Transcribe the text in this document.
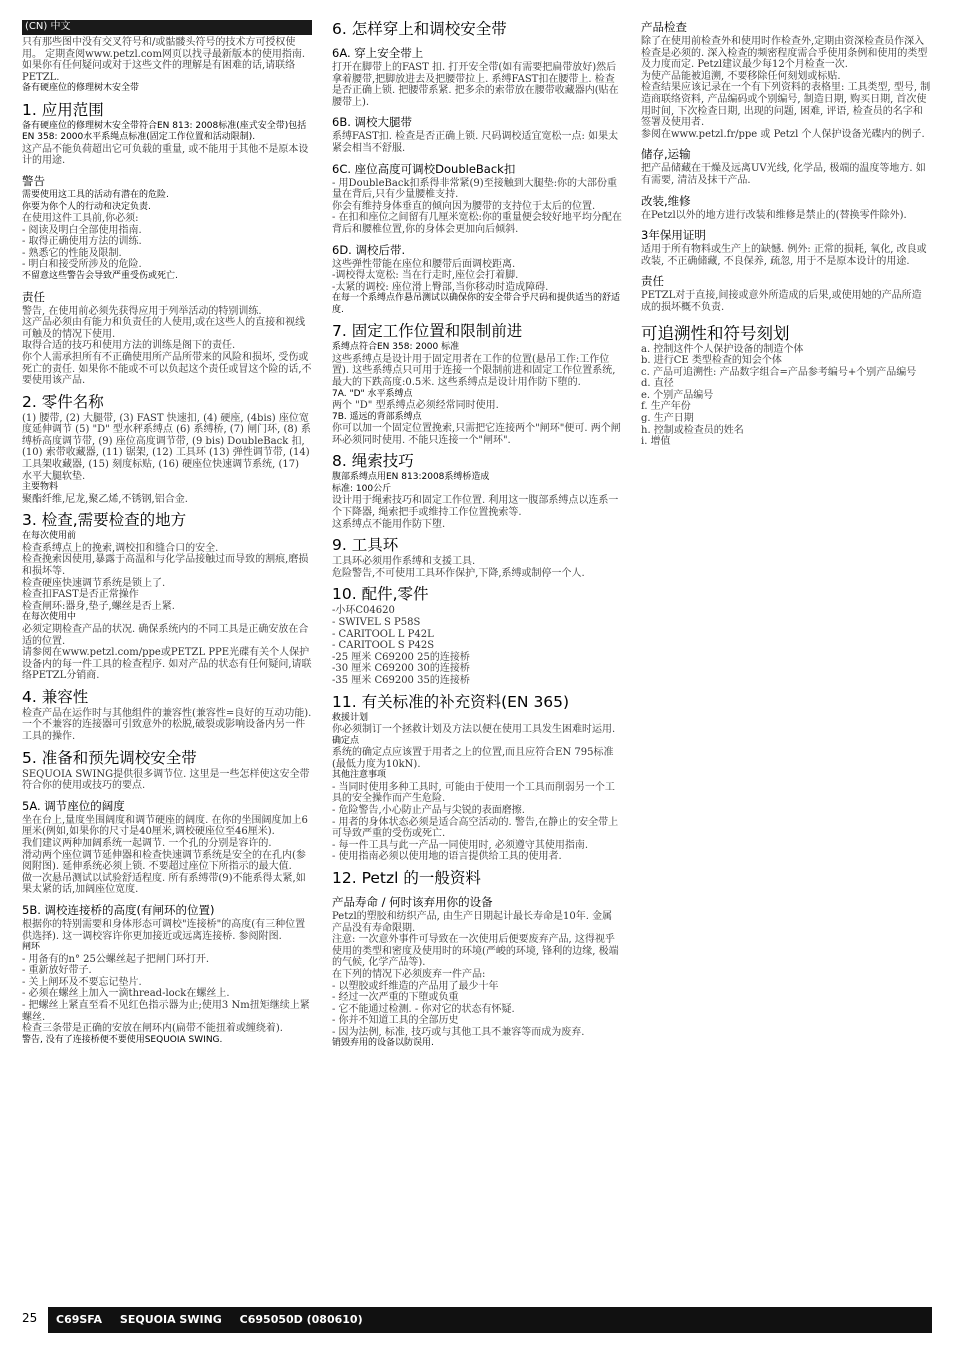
(CN) 中文
只有那些图中没有交叉符号和/或骷髅头符号的技术方可授权使用。 定期查阅www.petzl.com网页以找寻最新版本的使用指南.
如果你有任何疑问或对于这些文件的理解是有困难的话,请联络PETZL.
备有硬座位的修理树木安全带
1. 应用范围
备有硬座位的修理树木安全带符合EN 813: 2008标准(座式安全带)包括EN 358: 2000水平系绳点标准(固定工作位置和活动限制).
这产品不能负荷超出它可负载的重量, 或不能用于其他不是原本设计的用途.
警告
需要使用这工具的活动有潜在的危险.
你要为你个人的行动和决定负责.
在使用这件工具前,你必须:
- 阅读及明白全部使用指南.
- 取得正确使用方法的训练.
- 熟悉它的性能及限制.
- 明白和接受所涉及的危险.
不留意这些警告会导致严重受伤或死亡.
责任
警告, 在使用前必须先获得应用于列举活动的特别训练.
这产品必须由有能力和负责任的人使用,或在这些人的直接和视线可触及的情况下使用.
取得合适的技巧和使用方法的训练是阁下的责任.
你个人需承担所有不正确使用所产品所带来的风险和损坏, 受伤或死亡的责任. 如果你不能或不可以负起这个责任或冒这个险的话,不要使用该产品.
2. 零件名称
(1) 腰带, (2) 大腿带, (3) FAST 快速扣, (4) 硬座, (4bis) 座位宽度延伸调节 (5) "D" 型水秤系缚点 (6) 系缚桥, (7) 闸门环, (8) 系缚桥高度调节带, (9) 座位高度调节带, (9 bis) DoubleBack 扣, (10) 索带收藏器, (11) 锯架, (12) 工具环 (13) 弹性调节带, (14) 工具架收藏器, (15) 刻度标贴, (16) 硬座位快速调节系统, (17) 水平大腿软垫.
主要物料
聚酯纤维,尼龙,聚乙烯,不锈钢,铝合金.
3. 检查,需要检查的地方
在每次使用前
检查系缚点上的挽索,调校扣和缝合口的安全.
检查挽索因使用,暴露于高温和与化学品接触过而导致的割痕,磨损和损坏等.
检查硬座快速调节系统是锁上了.
检查扣FAST是否正常操作
检查闸环:器身,垫子,螺丝是否上紧.
在每次使用中
必须定期检查产品的状况. 确保系统内的不同工具是正确安放在合适的位置.
请参阅在www.petzl.com/ppe或PETZL PPE光碟有关个人保护设备内的每一件工具的检查程序. 如对产品的状态有任何疑问,请联络PETZL分销商.
4. 兼容性
检查产品在运作时与其他组件的兼容性(兼容性=良好的互动功能).
一个不兼容的连接器可引致意外的松脱,破裂或影响设备内另一件工具的操作.
5. 准备和预先调校安全带
SEQUOIA SWING提供很多调节位. 这里是一些怎样使这安全带符合你的使用或技巧的要点.
5A. 调节座位的阔度
坐在台上,量度坐围阔度和调节硬座的阔度. 在你的坐围阔度加上6厘米(例如,如果你的尺寸是40厘米,调校硬座位至46厘米).
我们建议两种加阔系统一起调节. 一个孔的分别是容许的.
滑动两个座位调节延伸器和检查快速调节系统是安全的在孔内(参阅附图). 延伸系统必须上锁. 不要超过座位下所指示的最大值.
做一次悬吊测试以试验舒适程度. 所有系缚带(9)不能系得太紧,如果太紧的话,加阔座位宽度.
5B. 调校连接桥的高度(有闸环的位置)
根据你的特别需要和身体形态可调校"连接桥"的高度(有三种位置供选择). 这一调校容许你更加接近或远离连接桥. 参阅附图.
闸环
- 用备有的n° 25公螺丝起子把闸门环打开.
- 重新放好带子.
- 关上闸环及不要忘记垫片.
- 必须在螺丝上加入一滴thread-lock在螺丝上.
- 把螺丝上紧直至看不见红色指示器为止;使用3 Nm扭矩继续上紧螺丝.
检查三条带是正确的安放在闸环内(扁带不能扭着或缠绕着).
警告, 没有了连接桥便不要使用SEQUOIA SWING.
6. 怎样穿上和调校安全带
6A. 穿上安全带上
打开在脚带上的FAST 扣. 打开安全带(如有需要把扁带放好)然后拿着腰带,把脚放进去及把腰带拉上. 系缚FAST扣在腰带上. 检查是否正确上锁. 把腰带系紧. 把多余的索带放在腰带收藏器内(贴在腰带上).
6B. 调校大腿带
系缚FAST扣. 检查是否正确上锁. 尺码调校适宜宽松一点: 如果太紧会相当不舒服.
6C. 座位高度可调校DoubleBack扣
- 用DoubleBack扣系得非常紧(9)至接触到大腿垫:你的大部份重量在背后,只有少量腰椎支持.
你会有维持身体垂直的倾向因为腰带的支持位于太后的位置.
- 在扣和座位之间留有几厘米宽松:你的重量便会较好地平均分配在背后和腰椎位置,你的身体会更加向后倾斜.
6D. 调校后带.
这些弹性带能在座位和腰带后面调校距离.
-调校得太宽松: 当在行走时,座位会打着脚.
-太紧的调校: 座位滑上臀部,当你移动时造成障碍.
在每一个系缚点作悬吊测试以确保你的安全带合乎尺码和提供适当的舒适度.
7. 固定工作位置和限制前进
系缚点符合EN 358: 2000 标准
这些系缚点是设计用于固定用者在工作的位置(悬吊工作:工作位置). 这些系缚点只可用于连接一个限制前进和固定工作位置系统,最大的下跌高度:0.5米. 这些系缚点是设计用作防下堕的.
7A. "D" 水平系缚点
两个 "D" 型系缚点必须经常同时使用.
7B. 遥远的背部系缚点
你可以加一个固定位置挽索,只需把它连接两个"闸环"便可. 两个闸环必须同时使用. 不能只连接一个"闸环".
8. 绳索技巧
腹部系缚点用EN 813:2008系缚桥造成
标准: 100公斤
设计用于绳索技巧和固定工作位置. 利用这一腹部系缚点以连系一个下降器, 绳索把手或维持工作位置挽索等.
这系缚点不能用作防下堕.
9. 工具环
工具环必须用作系缚和支援工具.
危险警告,不可使用工具环作保护,下降,系缚或制停一个人.
10. 配件,零件
-小环C04620
- SWIVEL S P58S
- CARITOOL L P42L
- CARITOOL S P42S
-25 厘米 C69200 25的连接桥
-30 厘米 C69200 30的连接桥
-35 厘米 C69200 35的连接桥
11. 有关标准的补充资料(EN 365)
救援计划
你必须制订一个拯救计划及方法以便在使用工具发生困难时运用.
确定点
系统的确定点应该置于用者之上的位置,而且应符合EN 795标准 (最低力度为10kN).
其他注意事项
- 当同时使用多种工具时, 可能由于使用一个工具而削弱另一个工具的安全操作而产生危险.
- 危险警告,小心防止产品与尖锐的表面磨擦.
- 用者的身体状态必须是适合高空活动的. 警告,在静止的安全带上可导致严重的受伤或死亡.
- 每一件工具与此一产品一同使用时, 必须遵守其使用指南.
- 使用指南必须以使用地的语言提供给工具的使用者.
12. Petzl 的一般资料
产品寿命 / 何时该弃用你的设备
Petzl的塑胶和纺织产品, 由生产日期起计最长寿命是10年. 金属产品没有寿命限期.
注意: 一次意外事件可导致在一次使用后便要废弃产品, 这得视乎使用的类型和密度及使用时的环境(严峻的环境, 锋利的边缘, 极端的气候, 化学产品等).
在下列的情况下必须废弃一件产品:
- 以塑胶或纤维造的产品用了最少十年
- 经过一次严重的下堕或负重
- 它不能通过检测. - 你对它的状态有怀疑.
- 你并不知道工具的全部历史
- 因为法例, 标准, 技巧或与其他工具不兼容等而成为废弃.
销毁弃用的设备以防误用.
产品检查
除了在使用前检查外和使用时作检查外,定期由资深检查员作深入检查是必须的. 深入检查的频密程度需合乎使用条例和使用的类型及力度而定. Petzl建议最少每12个月检查一次.
为使产品能被追溯, 不要移除任何刻划或标贴.
检查结果应该记录在一个有下列资料的表格里: 工具类型, 型号, 制造商联络资料, 产品编码或个别编号, 制造日期, 购买日期, 首次使用时间, 下次检查日期, 出现的问题, 困难, 评语, 检查员的名字和签署及使用者.
参阅在www.petzl.fr/ppe 或 Petzl 个人保护设备光碟内的例子.
储存,运输
把产品储藏在干燥及远离UV光线, 化学品, 极端的温度等地方. 如有需要, 清洁及抹干产品.
改装,维修
在Petzl以外的地方进行改装和维修是禁止的(替换零件除外).
3年保用证明
适用于所有物料或生产上的缺憾. 例外: 正常的损耗, 氧化, 改良或改装, 不正确储藏, 不良保养, 疏忽, 用于不是原本设计的用途.
责任
PETZL对于直接,间接或意外所造成的后果,或使用她的产品所造成的损坏概不负责.
可追溯性和符号刻划
a. 控制这件个人保护设备的制造个体
b. 进行CE 类型检查的知会个体
c. 产品可追溯性: 产品数字组合=产品参考编号+个别产品编号
d. 直径
e. 个别产品编号
f. 生产年份
g. 生产日期
h. 控制或检查员的姓名
i. 增值
25	C69SFA SEQUOIA SWING C695050D (080610)
